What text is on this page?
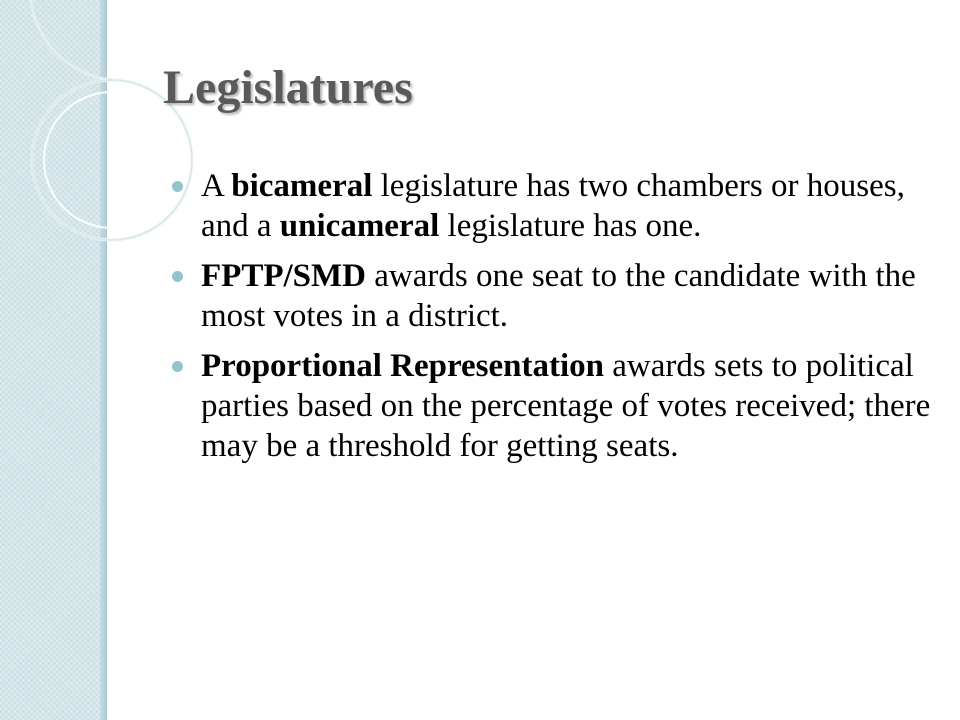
Legislatures
A bicameral legislature has two chambers or houses, and a unicameral legislature has one.
FPTP/SMD awards one seat to the candidate with the most votes in a district.
Proportional Representation awards sets to political parties based on the percentage of votes received; there may be a threshold for getting seats.
